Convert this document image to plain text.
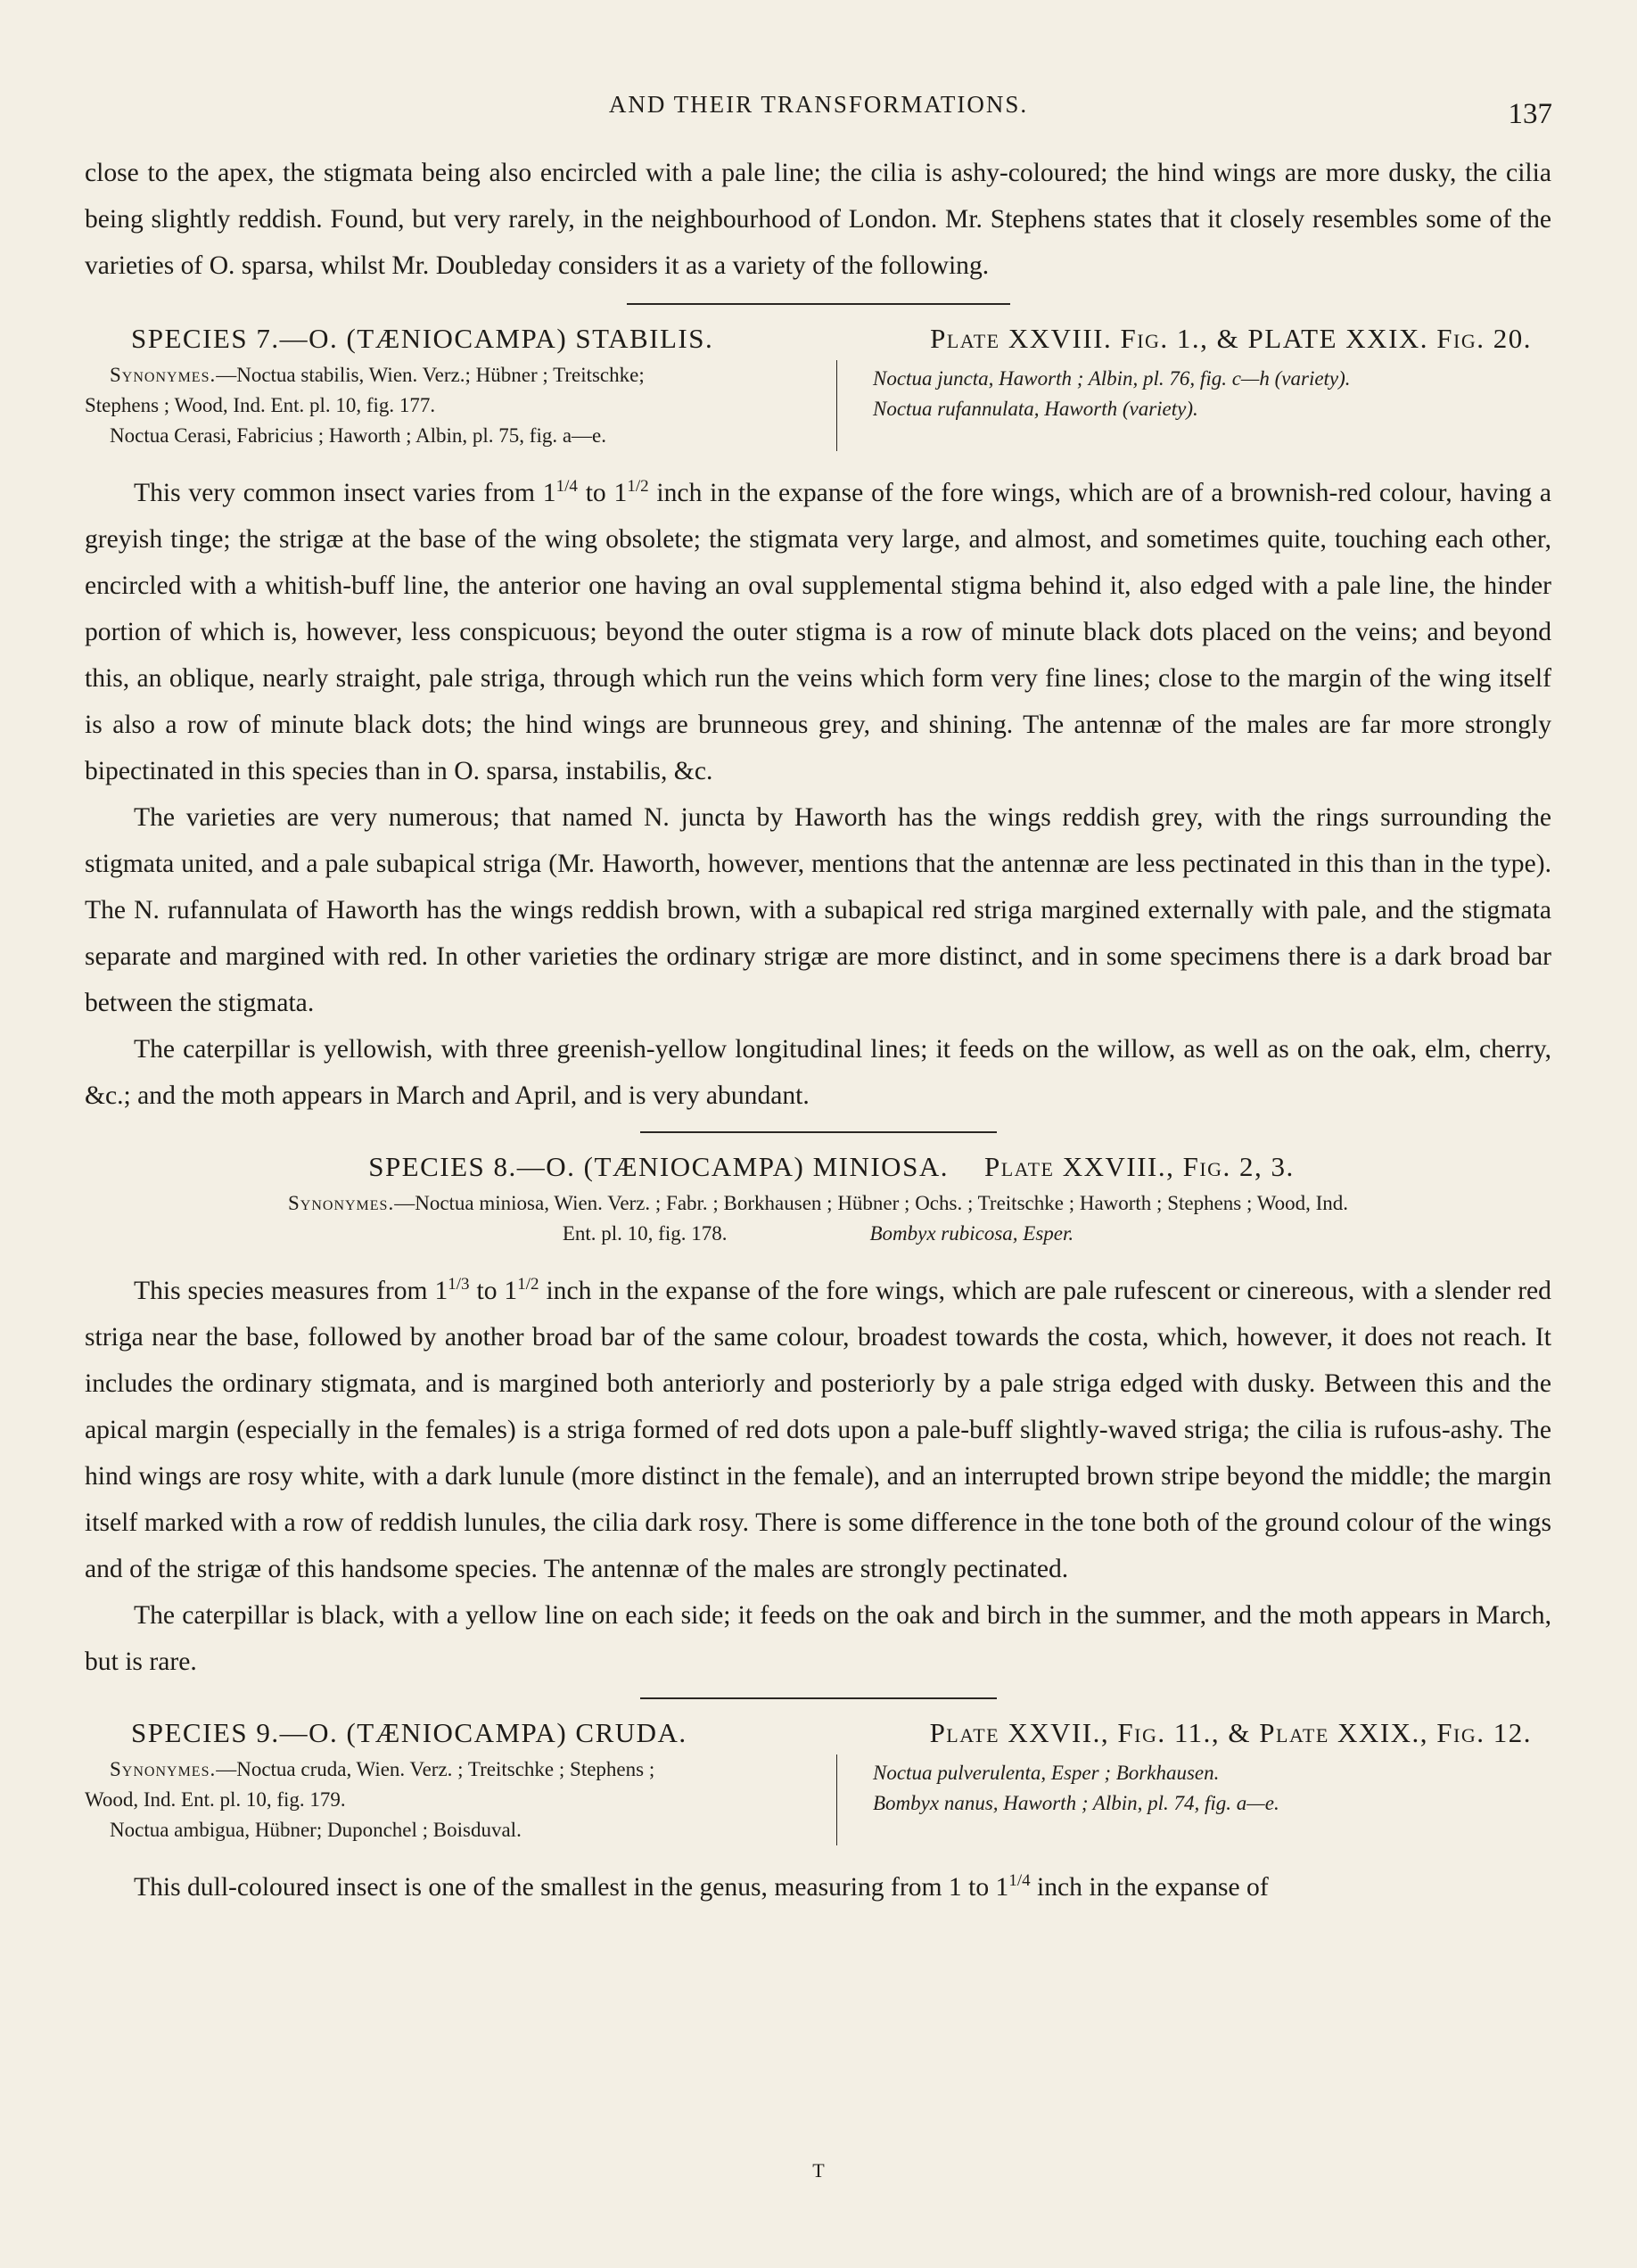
AND THEIR TRANSFORMATIONS.	137

close to the apex, the stigmata being also encircled with a pale line; the cilia is ashy-coloured; the hind wings are more dusky, the cilia being slightly reddish. Found, but very rarely, in the neighbourhood of London. Mr. Stephens states that it closely resembles some of the varieties of O. sparsa, whilst Mr. Doubleday considers it as a variety of the following.

SPECIES 7.—O. (TÆNIOCAMPA) STABILIS.	Plate XXVIII. Fig. 1., & PLATE XXIX. Fig. 20.
Synonymes.—Noctua stabilis, Wien. Verz.; Hübner ; Treitschke;
Stephens ; Wood, Ind. Ent. pl. 10, fig. 177.
Noctua Cerasi, Fabricius ; Haworth ; Albin, pl. 75, fig. a—e.
Noctua juncta, Haworth ; Albin, pl. 76, fig. c—h (variety).
Noctua rufannulata, Haworth (variety).

This very common insect varies from $1^{1/4}$ to $1^{1/2}$ inch in the expanse of the fore wings, which are of a brownish-red colour, having a greyish tinge; the strigæ at the base of the wing obsolete; the stigmata very large, and almost, and sometimes quite, touching each other, encircled with a whitish-buff line, the anterior one having an oval supplemental stigma behind it, also edged with a pale line, the hinder portion of which is, however, less conspicuous; beyond the outer stigma is a row of minute black dots placed on the veins; and beyond this, an oblique, nearly straight, pale striga, through which run the veins which form very fine lines; close to the margin of the wing itself is also a row of minute black dots; the hind wings are brunneous grey, and shining. The antennæ of the males are far more strongly bipectinated in this species than in O. sparsa, instabilis, &c.

The varieties are very numerous; that named N. juncta by Haworth has the wings reddish grey, with the rings surrounding the stigmata united, and a pale subapical striga (Mr. Haworth, however, mentions that the antennæ are less pectinated in this than in the type). The N. rufannulata of Haworth has the wings reddish brown, with a subapical red striga margined externally with pale, and the stigmata separate and margined with red. In other varieties the ordinary strigæ are more distinct, and in some specimens there is a dark broad bar between the stigmata.

The caterpillar is yellowish, with three greenish-yellow longitudinal lines; it feeds on the willow, as well as on the oak, elm, cherry, &c.; and the moth appears in March and April, and is very abundant.

SPECIES 8.—O. (TÆNIOCAMPA) MINIOSA. Plate XXVIII., Fig. 2, 3.
Synonymes.—Noctua miniosa, Wien. Verz. ; Fabr. ; Borkhausen ; Hübner ; Ochs. ; Treitschke ; Haworth ; Stephens ; Wood, Ind.
Ent. pl. 10, fig. 178.	Bombyx rubicosa, Esper.

This species measures from $1^{1/3}$ to $1^{1/2}$ inch in the expanse of the fore wings, which are pale rufescent or cinereous, with a slender red striga near the base, followed by another broad bar of the same colour, broadest towards the costa, which, however, it does not reach. It includes the ordinary stigmata, and is margined both anteriorly and posteriorly by a pale striga edged with dusky. Between this and the apical margin (especially in the females) is a striga formed of red dots upon a pale-buff slightly-waved striga; the cilia is rufous-ashy. The hind wings are rosy white, with a dark lunule (more distinct in the female), and an interrupted brown stripe beyond the middle; the margin itself marked with a row of reddish lunules, the cilia dark rosy. There is some difference in the tone both of the ground colour of the wings and of the strigæ of this handsome species. The antennæ of the males are strongly pectinated.

The caterpillar is black, with a yellow line on each side; it feeds on the oak and birch in the summer, and the moth appears in March, but is rare.

SPECIES 9.—O. (TÆNIOCAMPA) CRUDA.	Plate XXVII., Fig. 11., & Plate XXIX., Fig. 12.
Synonymes.—Noctua cruda, Wien. Verz. ; Treitschke ; Stephens ;
Wood, Ind. Ent. pl. 10, fig. 179.
Noctua ambigua, Hübner; Duponchel ; Boisduval.
Noctua pulverulenta, Esper ; Borkhausen.
Bombyx nanus, Haworth ; Albin, pl. 74, fig. a—e.

This dull-coloured insect is one of the smallest in the genus, measuring from 1 to $1^{1/4}$ inch in the expanse of

T
